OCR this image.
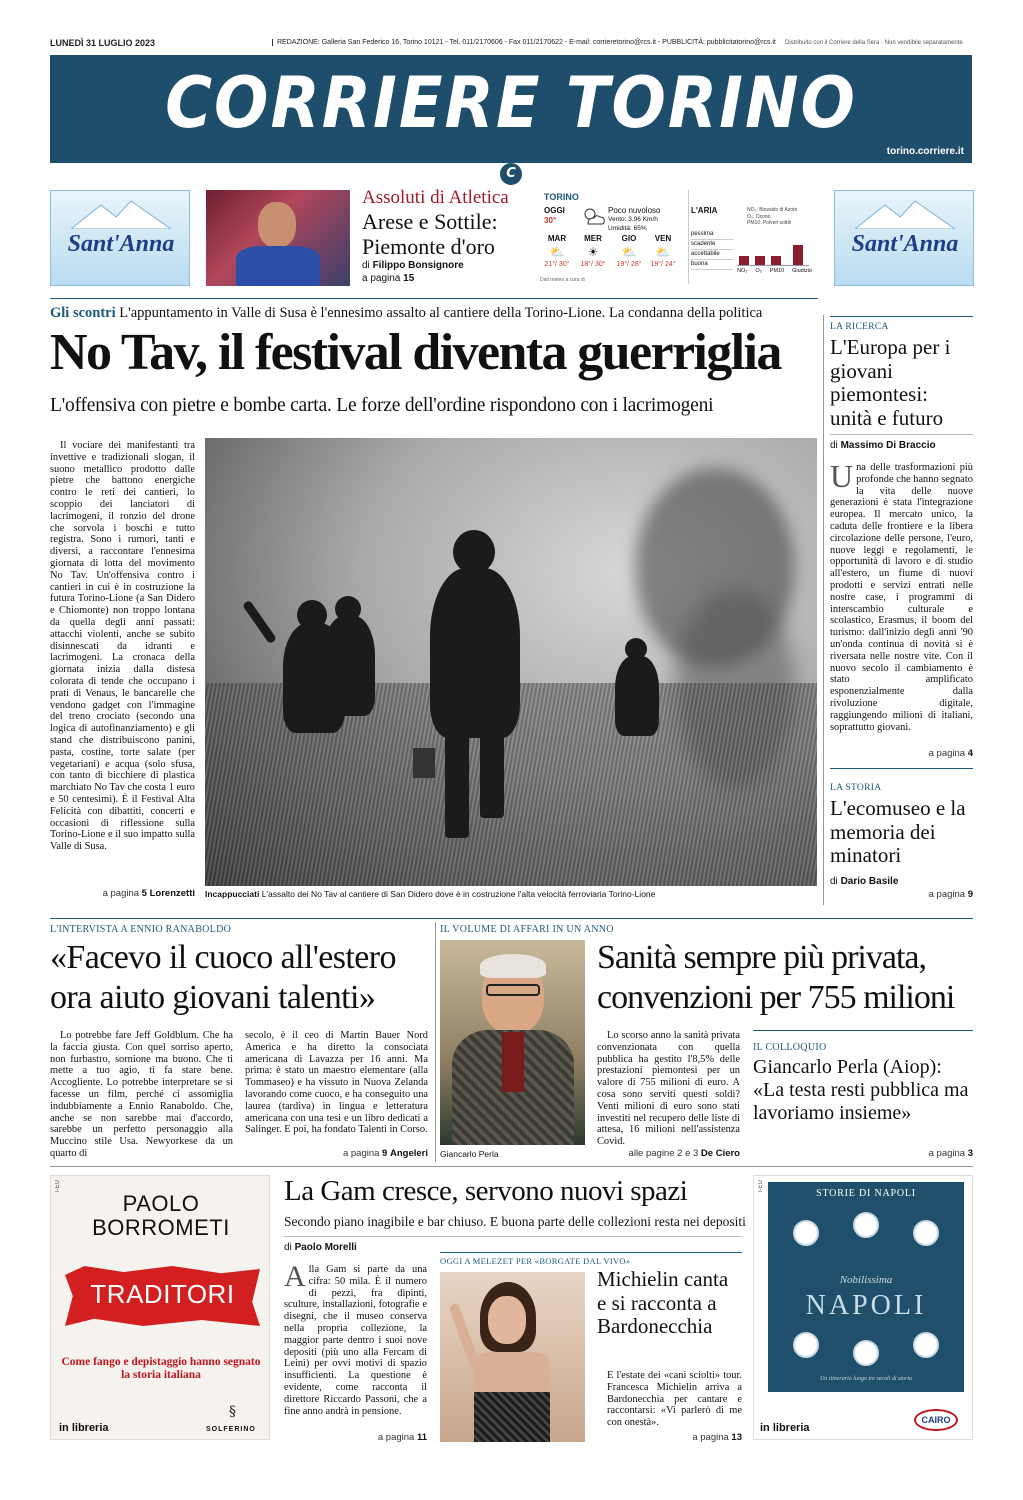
LUNEDÌ 31 LUGLIO 2023	REDAZIONE: Galleria San Federico 16, Torino 10121 - Tel. 011/2170606 - Fax 011/2170622 - E-mail: corrieretorino@rcs.it - PUBBLICITÀ: pubblicitatorino@rcs.it Distribuito con il Corriere della Sera - Non vendibile separatamente
CORRIERE TORINO
torino.corriere.it
C
Sant'Anna	Sant'Anna
Assoluti di Atletica
Arese e Sottile:
Piemonte d'oro
di Filippo Bonsignore
a pagina 15
TORINO
OGGI
30°
Poco nuvoloso
Vento: 3.96 Km/h
Umidità: 65%
MAR
⛅
21°/ 30°
MER
☀
18°/ 30°
GIO
⛅
19°/ 28°
VEN
⛅
19°/ 24°
Dati meteo a cura di
L'ARIA	NO₂: Biossido di Azoto
O₃: Ozono
PM10: Polveri sottili
pessima
scadente
accettabile
buona
NO₂ O₃ PM10 Giudizio
Gli scontri L'appuntamento in Valle di Susa è l'ennesimo assalto al cantiere della Torino-Lione. La condanna della politica
No Tav, il festival diventa guerriglia
L'offensiva con pietre e bombe carta. Le forze dell'ordine rispondono con i lacrimogeni
Il vociare dei manifestanti tra invettive e tradizionali slogan, il suono metallico prodotto dalle pietre che battono energiche contro le reti dei cantieri, lo scoppio dei lanciatori di lacrimogeni, il ronzio del drone che sorvola i boschi e tutto registra. Sono i rumori, tanti e diversi, a raccontare l'ennesima giornata di lotta del movimento No Tav. Un'offensiva contro i cantieri in cui è in costruzione la futura Torino-Lione (a San Didero e Chiomonte) non troppo lontana da quella degli anni passati: attacchi violenti, anche se subito disinnescati da idranti e lacrimogeni. La cronaca della giornata inizia dalla distesa colorata di tende che occupano i prati di Venaus, le bancarelle che vendono gadget con l'immagine del treno crociato (secondo una logica di autofinanziamento) e gli stand che distribuiscono panini, pasta, costine, torte salate (per vegetariani) e acqua (solo sfusa, con tanto di bicchiere di plastica marchiato No Tav che costa 1 euro e 50 centesimi). È il Festival Alta Felicità con dibattiti, concerti e occasioni di riflessione sulla Torino-Lione e il suo impatto sulla Valle di Susa.
a pagina 5 Lorenzetti Incappucciati L'assalto dei No Tav al cantiere di San Didero dove è in costruzione l'alta velocità ferroviaria Torino-Lione
LA RICERCA
L'Europa per i giovani piemontesi: unità e futuro
di Massimo Di Braccio
Una delle trasformazioni più profonde che hanno segnato la vita delle nuove generazioni è stata l'integrazione europea. Il mercato unico, la caduta delle frontiere e la libera circolazione delle persone, l'euro, nuove leggi e regolamenti, le opportunità di lavoro e di studio all'estero, un fiume di nuovi prodotti e servizi entrati nelle nostre case, i programmi di interscambio culturale e scolastico, Erasmus, il boom del turismo: dall'inizio degli anni '90 un'onda continua di novità si è riversata nelle nostre vite. Con il nuovo secolo il cambiamento è stato amplificato esponenzialmente dalla rivoluzione digitale, raggiungendo milioni di italiani, soprattutto giovani.
a pagina 4
LA STORIA
L'ecomuseo e la memoria dei minatori
di Dario Basile
a pagina 9
L'INTERVISTA A ENNIO RANABOLDO
«Facevo il cuoco all'estero ora aiuto giovani talenti»
Lo potrebbe fare Jeff Goldblum. Che ha la faccia giusta. Con quel sorriso aperto, non furbastro, sornione ma buono. Che ti mette a tuo agio, ti fa stare bene. Accogliente. Lo potrebbe interpretare se si facesse un film, perché ci assomiglia indubbiamente a Ennio Ranaboldo. Che, anche se non sarebbe mai d'accordo, sarebbe un perfetto personaggio alla Muccino stile Usa. Newyorkese da un quarto di
secolo, è il ceo di Martin Bauer Nord America e ha diretto la consociata americana di Lavazza per 16 anni. Ma prima: è stato un maestro elementare (alla Tommaseo) e ha vissuto in Nuova Zelanda lavorando come cuoco, e ha conseguito una laurea (tardiva) in lingua e letteratura americana con una tesi e un libro dedicati a Salinger. E poi, ha fondato Talenti in Corso.
a pagina 9 Angeleri
IL VOLUME DI AFFARI IN UN ANNO
Giancarlo Perla
Sanità sempre più privata, convenzioni per 755 milioni
Lo scorso anno la sanità privata convenzionata con quella pubblica ha gestito l'8,5% delle prestazioni piemontesi per un valore di 755 milioni di euro. A cosa sono serviti questi soldi? Venti milioni di euro sono stati investiti nel recupero delle liste di attesa, 16 milioni nell'assistenza Covid.
alle pagine 2 e 3 De Ciero
IL COLLOQUIO
Giancarlo Perla (Aiop): «La testa resti pubblica ma lavoriamo insieme»
a pagina 3
I-EU
PAOLO BORROMETI
TRADITORI
Come fango e depistaggio hanno segnato la storia italiana
in libreria
§
SOLFERINO
La Gam cresce, servono nuovi spazi
Secondo piano inagibile e bar chiuso. E buona parte delle collezioni resta nei depositi
di Paolo Morelli
Alla Gam si parte da una cifra: 50 mila. È il numero di pezzi, fra dipinti, sculture, installazioni, fotografie e disegni, che il museo conserva nella propria collezione, la maggior parte dentro i suoi nove depositi (più uno alla Fercam di Leinì) per ovvi motivi di spazio insufficienti. La questione è evidente, come racconta il direttore Riccardo Passoni, che a fine anno andrà in pensione.
a pagina 11
OGGI A MELEZET PER «BORGATE DAL VIVO»
Michielin canta e si racconta a Bardonecchia
È l'estate dei «cani sciolti» tour. Francesca Michielin arriva a Bardonecchia per cantare e raccontarsi: «Vi parlerò di me con onestà».
a pagina 13
I-EU
STORIE DI NAPOLI
Nobilissima
NAPOLI
Un itinerario lungo tre secoli di storia
in libreria
CAIRO
